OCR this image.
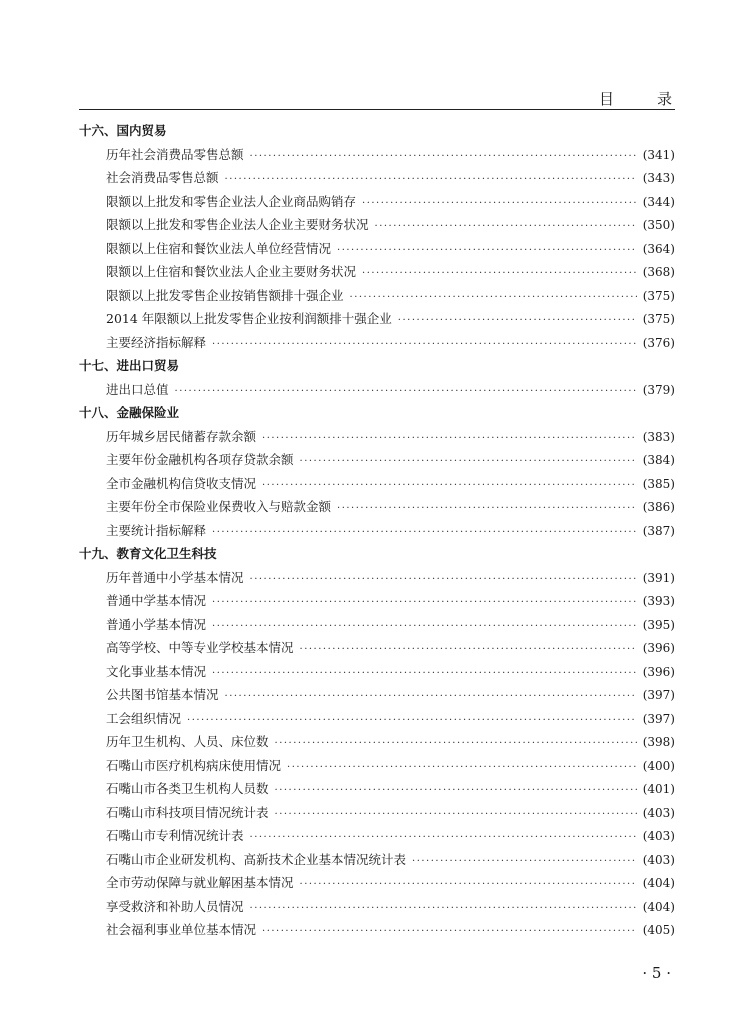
目　录
十六、国内贸易
历年社会消费品零售总额 ·····	(341)
社会消费品零售总额 ·····	(343)
限额以上批发和零售企业法人企业商品购销存 ·····	(344)
限额以上批发和零售企业法人企业主要财务状况 ·····	(350)
限额以上住宿和餐饮业法人单位经营情况 ·····	(364)
限额以上住宿和餐饮业法人企业主要财务状况 ·····	(368)
限额以上批发零售企业按销售额排十强企业 ·····	(375)
2014 年限额以上批发零售企业按利润额排十强企业 ·····	(375)
主要经济指标解释 ·····	(376)
十七、进出口贸易
进出口总值 ·····	(379)
十八、金融保险业
历年城乡居民储蓄存款余额 ·····	(383)
主要年份金融机构各项存贷款余额 ·····	(384)
全市金融机构信贷收支情况 ·····	(385)
主要年份全市保险业保费收入与赔款金额 ·····	(386)
主要统计指标解释 ·····	(387)
十九、教育文化卫生科技
历年普通中小学基本情况 ·····	(391)
普通中学基本情况 ·····	(393)
普通小学基本情况 ·····	(395)
高等学校、中等专业学校基本情况 ·····	(396)
文化事业基本情况 ·····	(396)
公共图书馆基本情况 ·····	(397)
工会组织情况 ·····	(397)
历年卫生机构、人员、床位数 ·····	(398)
石嘴山市医疗机构病床使用情况 ·····	(400)
石嘴山市各类卫生机构人员数 ·····	(401)
石嘴山市科技项目情况统计表 ·····	(403)
石嘴山市专利情况统计表 ·····	(403)
石嘴山市企业研发机构、高新技术企业基本情况统计表 ·····	(403)
全市劳动保障与就业解困基本情况 ·····	(404)
享受救济和补助人员情况 ·····	(404)
社会福利事业单位基本情况 ·····	(405)
· 5 ·
